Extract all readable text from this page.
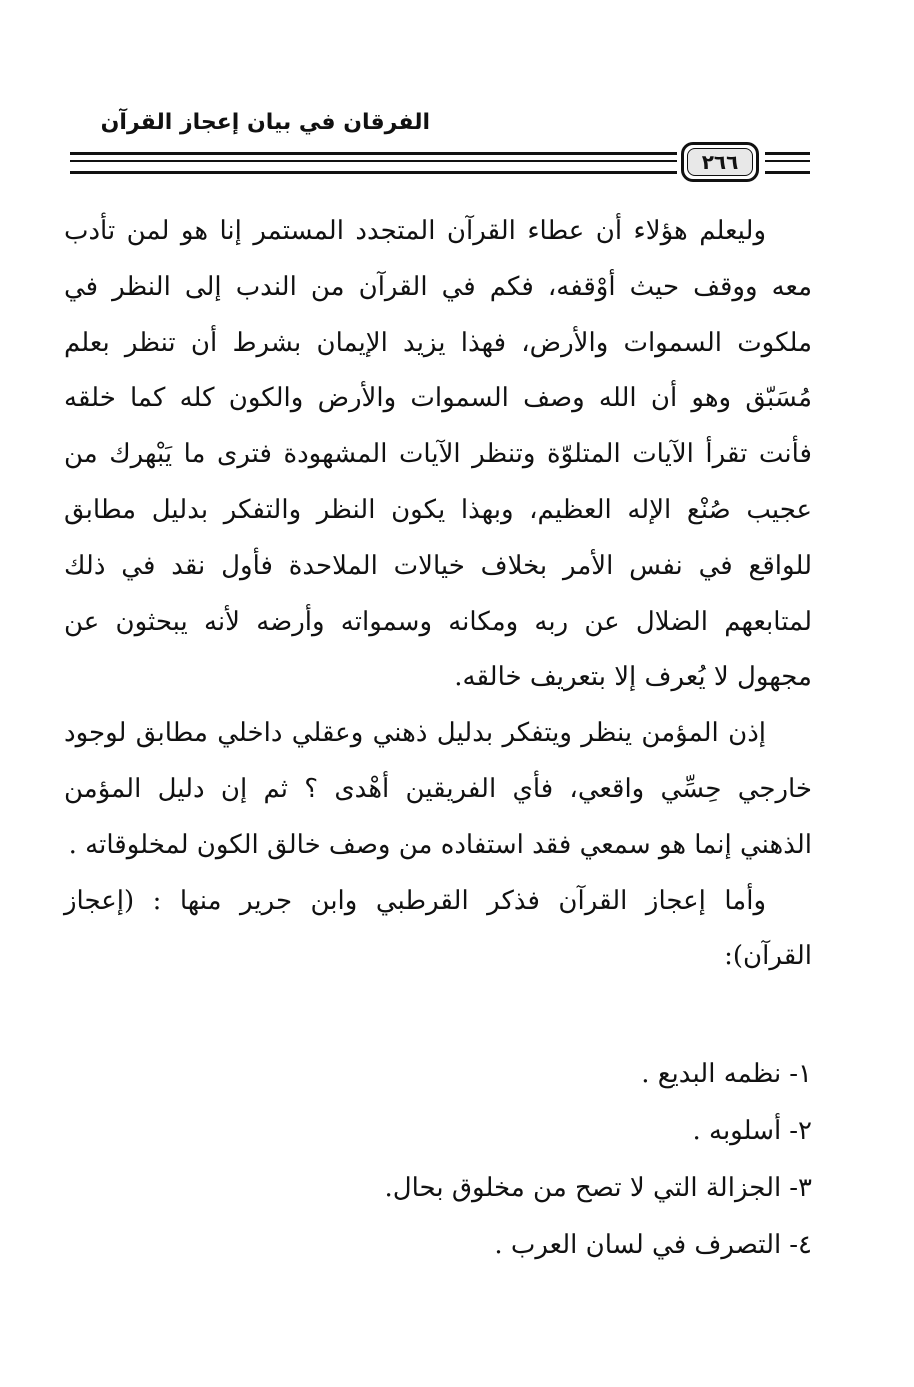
الفرقان في بيان إعجاز القرآن
٢٦٦

وليعلم هؤلاء أن عطاء القرآن المتجدد المستمر إنا هو لمن تأدب معه ووقف حيث أوْقفه، فكم في القرآن من الندب إلى النظر في ملكوت السموات والأرض، فهذا يزيد الإيمان بشرط أن تنظر بعلم مُسَبّق وهو أن الله وصف السموات والأرض والكون كله كما خلقه فأنت تقرأ الآيات المتلوّة وتنظر الآيات المشهودة فترى ما يَبْهرك من عجيب صُنْع الإله العظيم، وبهذا يكون النظر والتفكر بدليل مطابق للواقع في نفس الأمر بخلاف خيالات الملاحدة فأول نقد في ذلك لمتابعهم الضلال عن ربه ومكانه وسمواته وأرضه لأنه يبحثون عن مجهول لا يُعرف إلا بتعريف خالقه.

إذن المؤمن ينظر ويتفكر بدليل ذهني وعقلي داخلي مطابق لوجود خارجي حِسِّي واقعي، فأي الفريقين أهْدى ؟ ثم إن دليل المؤمن الذهني إنما هو سمعي فقد استفاده من وصف خالق الكون لمخلوقاته .

وأما إعجاز القرآن فذكر القرطبي وابن جرير منها : (إعجاز القرآن):

١-نظمه البديع .
٢-أسلوبه .
٣-الجزالة التي لا تصح من مخلوق بحال.
٤-التصرف في لسان العرب .
